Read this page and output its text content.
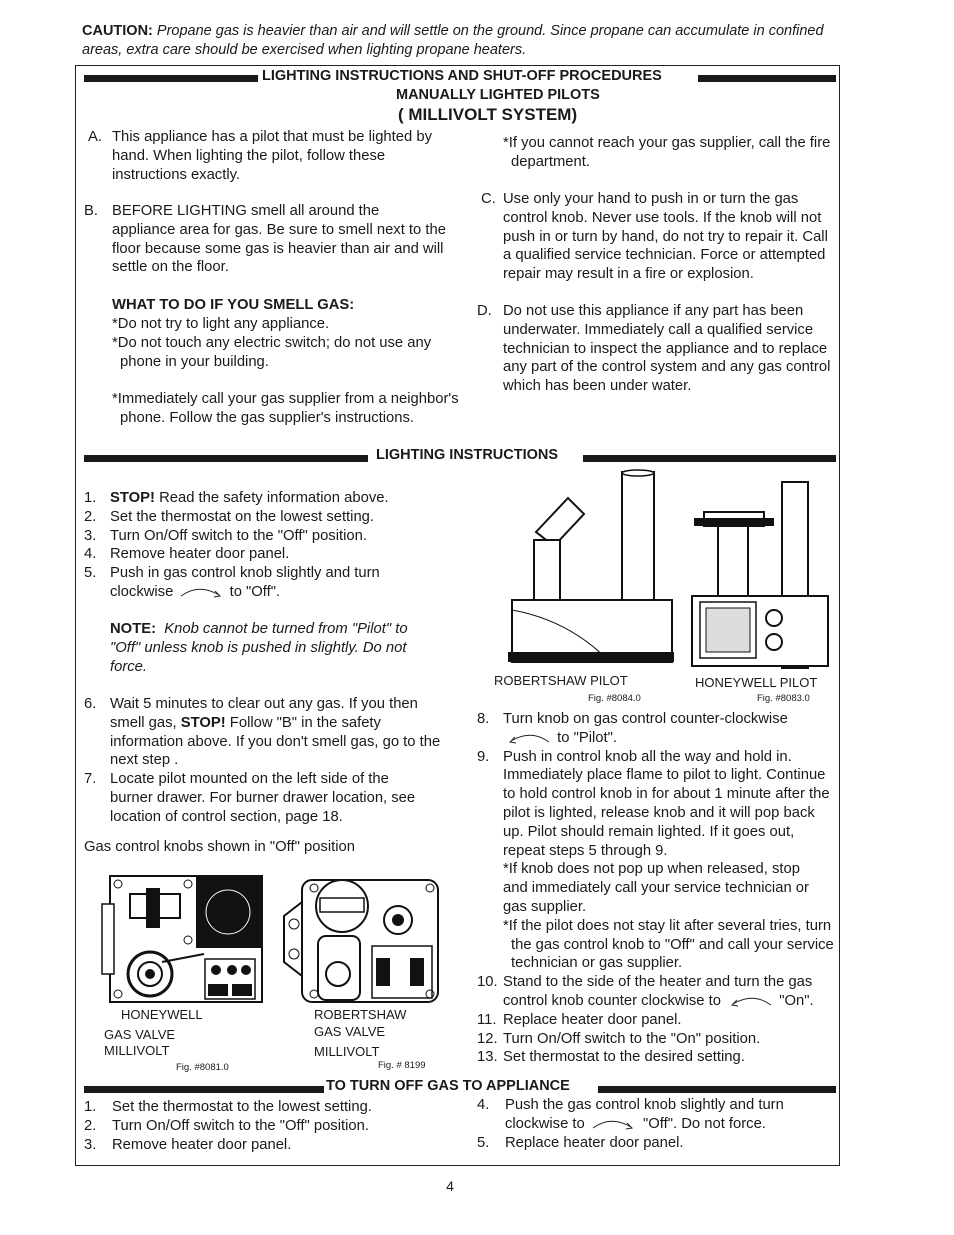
CAUTION: Propane gas is heavier than air and will settle on the ground. Since propane can accumulate in confined areas, extra care should be exercised when lighting propane heaters.
LIGHTING INSTRUCTIONS AND SHUT-OFF PROCEDURES
MANUALLY LIGHTED PILOTS
( MILLIVOLT SYSTEM)
A. This appliance has a pilot that must be lighted by hand. When lighting the pilot, follow these instructions exactly.
B. BEFORE LIGHTING smell all around the appliance area for gas. Be sure to smell next to the floor because some gas is heavier than air and will settle on the floor.
WHAT TO DO IF YOU SMELL GAS:
*Do not try to light any appliance.
*Do not touch any electric switch; do not use any phone in your building.
*Immediately call your gas supplier from a neighbor's phone. Follow the gas supplier's instructions.
*If you cannot reach your gas supplier, call the fire department.
C. Use only your hand to push in or turn the gas control knob. Never use tools. If the knob will not push in or turn by hand, do not try to repair it. Call a qualified service technician. Force or attempted repair may result in a fire or explosion.
D. Do not use this appliance if any part has been underwater. Immediately call a qualified service technician to inspect the appliance and to replace any part of the control system and any gas control which has been under water.
LIGHTING INSTRUCTIONS
1. STOP! Read the safety information above.
2. Set the thermostat on the lowest setting.
3. Turn On/Off switch to the "Off" position.
4. Remove heater door panel.
5. Push in gas control knob slightly and turn clockwise	to "Off".
NOTE: Knob cannot be turned from "Pilot" to "Off" unless knob is pushed in slightly. Do not force.
6. Wait 5 minutes to clear out any gas. If you then smell gas, STOP! Follow "B" in the safety information above. If you don't smell gas, go to the next step .
7. Locate pilot mounted on the left side of the burner drawer. For burner drawer location, see location of control section, page 18.
Gas control knobs shown in "Off" position
HONEYWELL
GAS VALVE
MILLIVOLT
Fig. #8081.0
ROBERTSHAW
GAS VALVE
MILLIVOLT
Fig. # 8199
ROBERTSHAW PILOT
Fig. #8084.0
HONEYWELL PILOT
Fig. #8083.0
8. Turn knob on gas control counter-clockwise
to "Pilot".
9. Push in control knob all the way and hold in. Immediately place flame to pilot to light. Continue to hold control knob in for about 1 minute after the pilot is lighted, release knob and it will pop back up. Pilot should remain lighted. If it goes out, repeat steps 5 through 9.
*If knob does not pop up when released, stop and immediately call your service technician or gas supplier.
*If the pilot does not stay lit after several tries, turn the gas control knob to "Off" and call your service technician or gas supplier.
10. Stand to the side of the heater and turn the gas control knob counter clockwise to	"On".
11. Replace heater door panel.
12. Turn On/Off switch to the "On" position.
13. Set thermostat to the desired setting.
TO TURN OFF GAS TO APPLIANCE
1.	Set the thermostat to the lowest setting.
2.	Turn On/Off switch to the "Off" position.
3.	Remove heater door panel.
4.	Push the gas control knob slightly and turn clockwise to	"Off". Do not force.
5.	Replace heater door panel.
4
